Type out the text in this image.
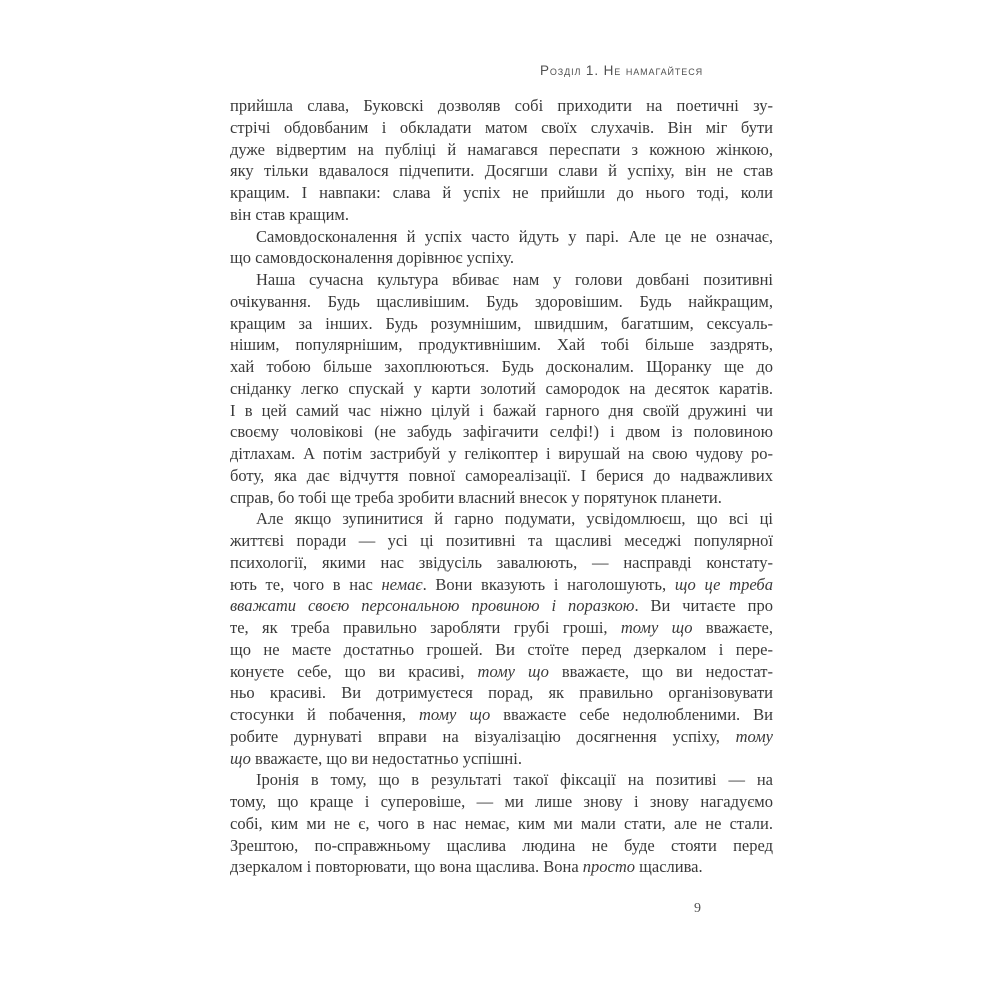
Розділ 1. Не намагайтеся
прийшла слава, Буковскі дозволяв собі приходити на поетичні зу-
стрічі обдовбаним і обкладати матом своїх слухачів. Він міг бути
дуже відвертим на публіці й намагався переспати з кожною жінкою,
яку тільки вдавалося підчепити. Досягши слави й успіху, він не став
кращим. І навпаки: слава й успіх не прийшли до нього тоді, коли
він став кращим.
Самовдосконалення й успіх часто йдуть у парі. Але це не означає,
що самовдосконалення дорівнює успіху.
Наша сучасна культура вбиває нам у голови довбані позитивні
очікування. Будь щасливішим. Будь здоровішим. Будь найкращим,
кращим за інших. Будь розумнішим, швидшим, багатшим, сексуаль-
нішим, популярнішим, продуктивнішим. Хай тобі більше заздрять,
хай тобою більше захоплюються. Будь досконалим. Щоранку ще до
сніданку легко спускай у карти золотий самородок на десяток каратів.
І в цей самий час ніжно цілуй і бажай гарного дня своїй дружині чи
своєму чоловікові (не забудь зафігачити селфі!) і двом із половиною
дітлахам. А потім застрибуй у гелікоптер і вирушай на свою чудову ро-
боту, яка дає відчуття повної самореалізації. І берися до надважливих
справ, бо тобі ще треба зробити власний внесок у порятунок планети.
Але якщо зупинитися й гарно подумати, усвідомлюєш, що всі ці
життєві поради — усі ці позитивні та щасливі меседжі популярної
психології, якими нас звідусіль завалюють, — насправді констату-
ють те, чого в нас немає. Вони вказують і наголошують, що це треба
вважати своєю персональною провиною і поразкою. Ви читаєте про
те, як треба правильно заробляти грубі гроші, тому що вважаєте,
що не маєте достатньо грошей. Ви стоїте перед дзеркалом і пере-
конуєте себе, що ви красиві, тому що вважаєте, що ви недостат-
ньо красиві. Ви дотримуєтеся порад, як правильно організовувати
стосунки й побачення, тому що вважаєте себе недолюбленими. Ви
робите дурнуваті вправи на візуалізацію досягнення успіху, тому
що вважаєте, що ви недостатньо успішні.
Іронія в тому, що в результаті такої фіксації на позитиві — на
тому, що краще і суперовіше, — ми лише знову і знову нагадуємо
собі, ким ми не є, чого в нас немає, ким ми мали стати, але не стали.
Зрештою, по-справжньому щаслива людина не буде стояти перед
дзеркалом і повторювати, що вона щаслива. Вона просто щаслива.
9
